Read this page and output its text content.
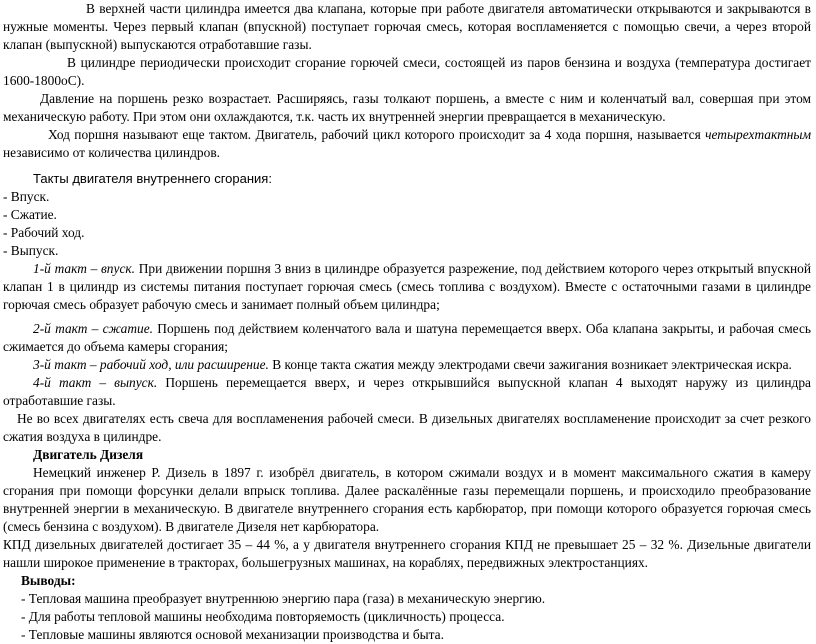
В верхней части цилиндра имеется два клапана, которые при работе двигателя автоматически открываются и закрываются в нужные моменты. Через первый клапан (впускной) поступает горючая смесь, которая воспламеняется с помощью свечи, а через второй клапан (выпускной) выпускаются отработавшие газы.

В цилиндре периодически происходит сгорание горючей смеси, состоящей из паров бензина и воздуха (температура достигает 1600-1800оС).

Давление на поршень резко возрастает. Расширяясь, газы толкают поршень, а вместе с ним и коленчатый вал, совершая при этом механическую работу. При этом они охлаждаются, т.к. часть их внутренней энергии превращается в механическую.

Ход поршня называют еще тактом. Двигатель, рабочий цикл которого происходит за 4 хода поршня, называется четырехтактным независимо от количества цилиндров.

Такты двигателя внутреннего сгорания:

- Впуск.
- Сжатие.
- Рабочий ход.
- Выпуск.

1-й такт – впуск. При движении поршня 3 вниз в цилиндре образуется разрежение, под действием которого через открытый впускной клапан 1 в цилиндр из системы питания поступает горючая смесь (смесь топлива с воздухом). Вместе с остаточными газами в цилиндре горючая смесь образует рабочую смесь и занимает полный объем цилиндра;

2-й такт – сжатие. Поршень под действием коленчатого вала и шатуна перемещается вверх. Оба клапана закрыты, и рабочая смесь сжимается до объема камеры сгорания;

3-й такт – рабочий ход, или расширение. В конце такта сжатия между электродами свечи зажигания возникает электрическая искра.

4-й такт – выпуск. Поршень перемещается вверх, и через открывшийся выпускной клапан 4 выходят наружу из цилиндра отработавшие газы.

Не во всех двигателях есть свеча для воспламенения рабочей смеси. В дизельных двигателях воспламенение происходит за счет резкого сжатия воздуха в цилиндре.

Двигатель Дизеля

Немецкий инженер Р. Дизель в 1897 г. изобрёл двигатель, в котором сжимали воздух и в момент максимального сжатия в камеру сгорания при помощи форсунки делали впрыск топлива. Далее раскалённые газы перемещали поршень, и происходило преобразование внутренней энергии в механическую. В двигателе внутреннего сгорания есть карбюратор, при помощи которого образуется горючая смесь (смесь бензина с воздухом). В двигателе Дизеля нет карбюратора.

КПД дизельных двигателей достигает 35 – 44 %, а у двигателя внутреннего сгорания КПД не превышает 25 – 32 %. Дизельные двигатели нашли широкое применение в тракторах, большегрузных машинах, на кораблях, передвижных электростанциях.

Выводы:

- Тепловая машина преобразует внутреннюю энергию пара (газа) в механическую энергию.
- Для работы тепловой машины необходима повторяемость (цикличность) процесса.
- Тепловые машины являются основой механизации производства и быта.
